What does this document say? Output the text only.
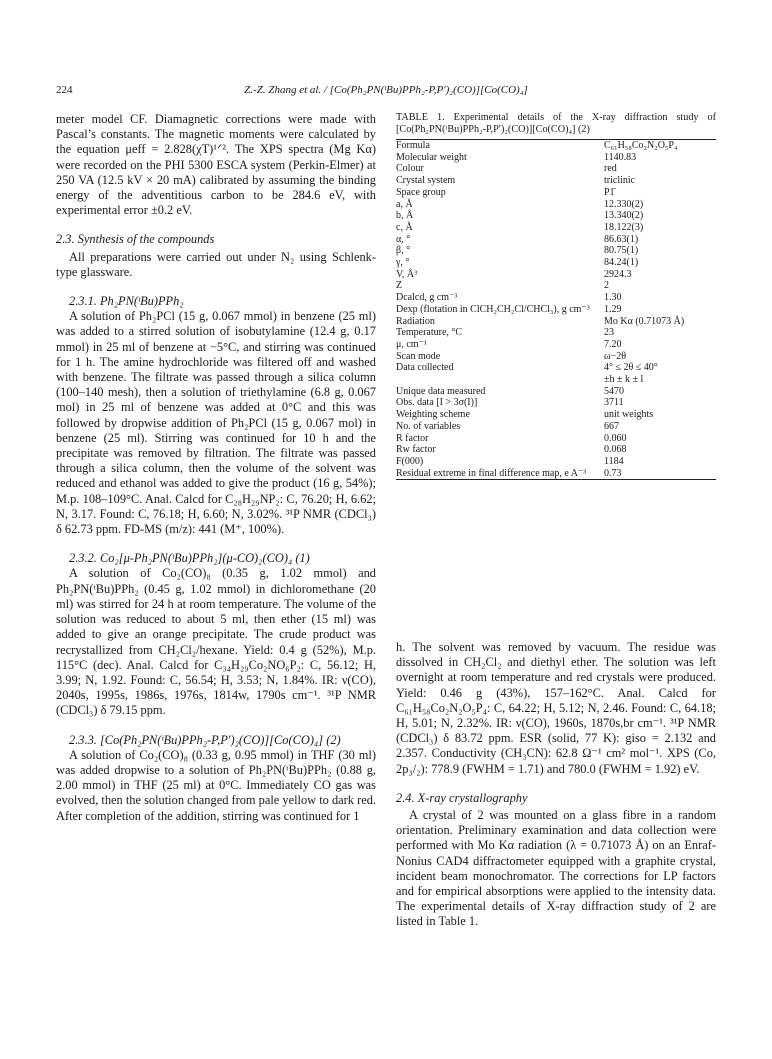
224	Z.-Z. Zhang et al. / [Co(Ph₂PN(ᵗBu)PPh₂-P,P′)₂(CO)][Co(CO)₄]

meter model CF. Diamagnetic corrections were made with Pascal’s constants. The magnetic moments were calculated by the equation μeff = 2.828(χT)¹ᐟ². The XPS spectra (Mg Kα) were recorded on the PHI 5300 ESCA system (Perkin-Elmer) at 250 VA (12.5 kV × 20 mA) calibrated by assuming the binding energy of the adventitious carbon to be 284.6 eV, with experimental error ±0.2 eV.

2.3. Synthesis of the compounds

All preparations were carried out under N₂ using Schlenk-type glassware.

2.3.1. Ph₂PN(ᵗBu)PPh₂

A solution of Ph₂PCl (15 g, 0.067 mmol) in benzene (25 ml) was added to a stirred solution of isobutylamine (12.4 g, 0.17 mmol) in 25 ml of benzene at −5°C, and stirring was continued for 1 h. The amine hydrochloride was filtered off and washed with benzene. The filtrate was passed through a silica column (100–140 mesh), then a solution of triethylamine (6.8 g, 0.067 mol) in 25 ml of benzene was added at 0°C and this was followed by dropwise addition of Ph₂PCl (15 g, 0.067 mol) in benzene (25 ml). Stirring was continued for 10 h and the precipitate was removed by filtration. The filtrate was passed through a silica column, then the volume of the solvent was reduced and ethanol was added to give the product (16 g, 54%); M.p. 108–109°C. Anal. Calcd for C₂₈H₂₉NP₂: C, 76.20; H, 6.62; N, 3.17. Found: C, 76.18; H, 6.60; N, 3.02%. ³¹P NMR (CDCl₃) δ 62.73 ppm. FD-MS (m/z): 441 (M⁺, 100%).

2.3.2. Co₂[μ-Ph₂PN(ᵗBu)PPh₂](μ-CO)₂(CO)₄ (1)

A solution of Co₂(CO)₈ (0.35 g, 1.02 mmol) and Ph₂PN(ᵗBu)PPh₂ (0.45 g, 1.02 mmol) in dichloromethane (20 ml) was stirred for 24 h at room temperature. The volume of the solution was reduced to about 5 ml, then ether (15 ml) was added to give an orange precipitate. The crude product was recrystallized from CH₂Cl₂/hexane. Yield: 0.4 g (52%), M.p. 115°C (dec). Anal. Calcd for C₃₄H₂₉Co₂NO₆P₂: C, 56.12; H, 3.99; N, 1.92. Found: C, 56.54; H, 3.53; N, 1.84%. IR: ν(CO), 2040s, 1995s, 1986s, 1976s, 1814w, 1790s cm⁻¹. ³¹P NMR (CDCl₃) δ 79.15 ppm.

2.3.3. [Co(Ph₂PN(ᵗBu)PPh₂-P,P′)₂(CO)][Co(CO)₄] (2)

A solution of Co₂(CO)₈ (0.33 g, 0.95 mmol) in THF (30 ml) was added dropwise to a solution of Ph₂PN(ᵗBu)PPh₂ (0.88 g, 2.00 mmol) in THF (25 ml) at 0°C. Immediately CO gas was evolved, then the solution changed from pale yellow to dark red. After completion of the addition, stirring was continued for 1

TABLE 1. Experimental details of the X-ray diffraction study of [Co(Ph₂PN(ᵗBu)PPh₂-P,P′)₂(CO)][Co(CO)₄] (2)
Formula	C₆₁H₅₈Co₂N₂O₅P₄
Molecular weight	1140.83
Colour	red
Crystal system	triclinic
Space group	P1̄
a, Å	12.330(2)
b, Å	13.340(2)
c, Å	18.122(3)
α, °	86.63(1)
β, °	80.75(1)
γ, °	84.24(1)
V, Å³	2924.3
Z	2
Dcalcd, g cm⁻³	1.30
Dexp (flotation in ClCH₂CH₂Cl/CHCl₃), g cm⁻³	1.29
Radiation	Mo Kα (0.71073 Å)
Temperature, °C	23
μ, cm⁻¹	7.20
Scan mode	ω−2θ
Data collected	4° ≤ 2θ ≤ 40°
	±h ± k ± l
Unique data measured	5470
Obs. data [I > 3σ(I)]	3711
Weighting scheme	unit weights
No. of variables	667
R factor	0.060
Rw factor	0.068
F(000)	1184
Residual extreme in final difference map, e A⁻³	0.73

h. The solvent was removed by vacuum. The residue was dissolved in CH₂Cl₂ and diethyl ether. The solution was left overnight at room temperature and red crystals were produced. Yield: 0.46 g (43%), 157–162°C. Anal. Calcd for C₆₁H₅₈Co₂N₂O₅P₄: C, 64.22; H, 5.12; N, 2.46. Found: C, 64.18; H, 5.01; N, 2.32%. IR: ν(CO), 1960s, 1870s,br cm⁻¹. ³¹P NMR (CDCl₃) δ 83.72 ppm. ESR (solid, 77 K): giso = 2.132 and 2.357. Conductivity (CH₃CN): 62.8 Ω⁻¹ cm² mol⁻¹. XPS (Co, 2p₃/₂): 778.9 (FWHM = 1.71) and 780.0 (FWHM = 1.92) eV.

2.4. X-ray crystallography

A crystal of 2 was mounted on a glass fibre in a random orientation. Preliminary examination and data collection were performed with Mo Kα radiation (λ = 0.71073 Å) on an Enraf-Nonius CAD4 diffractometer equipped with a graphite crystal, incident beam monochromator. The corrections for LP factors and for empirical absorptions were applied to the intensity data. The experimental details of X-ray diffraction study of 2 are listed in Table 1.
